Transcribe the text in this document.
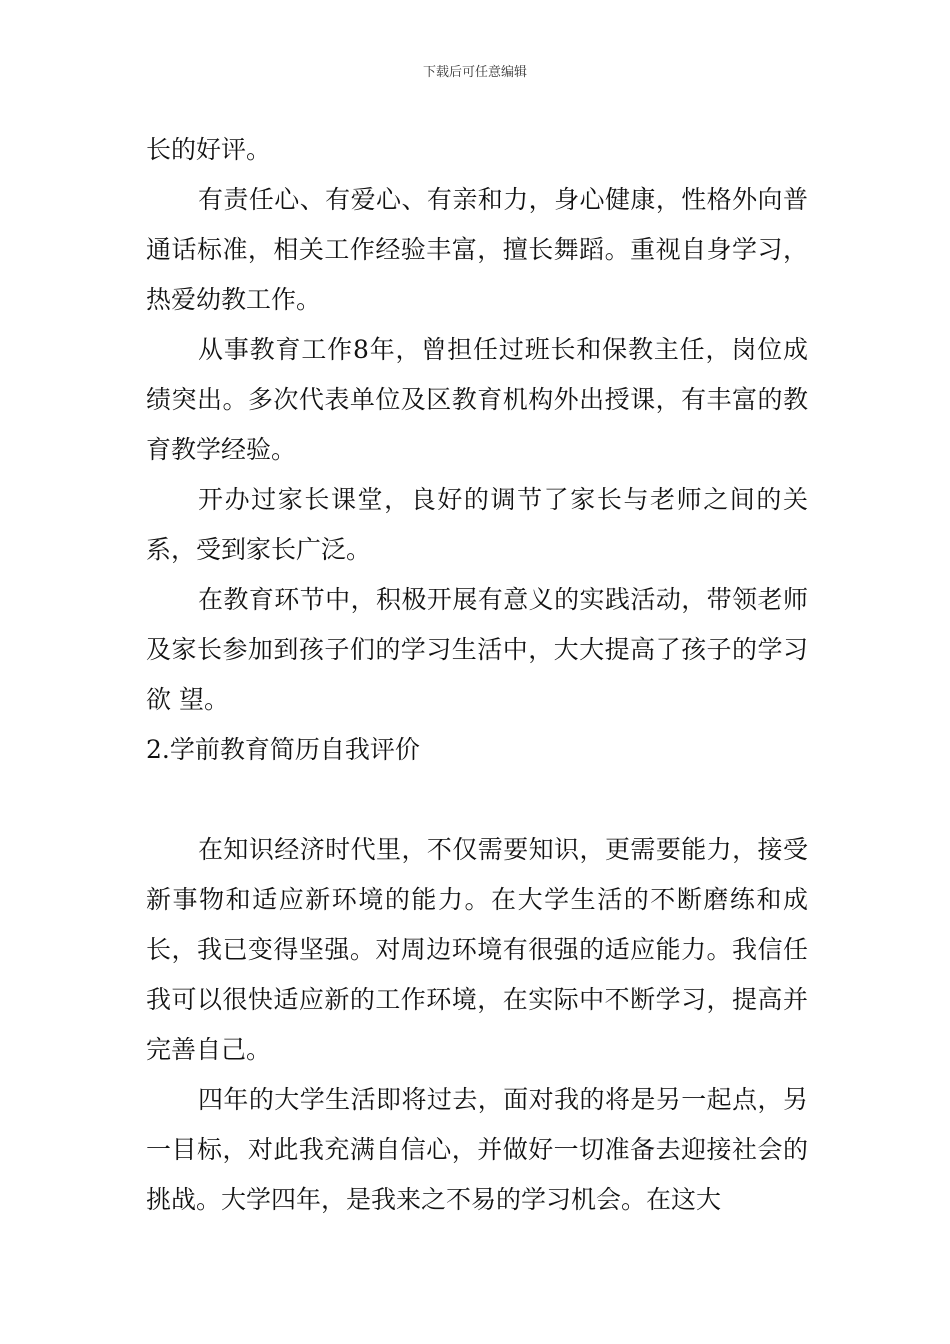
下载后可任意编辑

长的好评。

有责任心、有爱心、有亲和力，身心健康，性格外向普通话标准，相关工作经验丰富，擅长舞蹈。重视自身学习，热爱幼教工作。

从事教育工作8年，曾担任过班长和保教主任，岗位成绩突出。多次代表单位及区教育机构外出授课，有丰富的教育教学经验。

开办过家长课堂，良好的调节了家长与老师之间的关系，受到家长广泛。

在教育环节中，积极开展有意义的实践活动，带领老师及家长参加到孩子们的学习生活中，大大提高了孩子的学习欲 望。

2.学前教育简历自我评价

在知识经济时代里，不仅需要知识，更需要能力，接受新事物和适应新环境的能力。在大学生活的不断磨练和成长，我已变得坚强。对周边环境有很强的适应能力。我信任我可以很快适应新的工作环境，在实际中不断学习，提高并完善自己。

四年的大学生活即将过去，面对我的将是另一起点，另一目标，对此我充满自信心，并做好一切准备去迎接社会的挑战。大学四年，是我来之不易的学习机会。在这大
